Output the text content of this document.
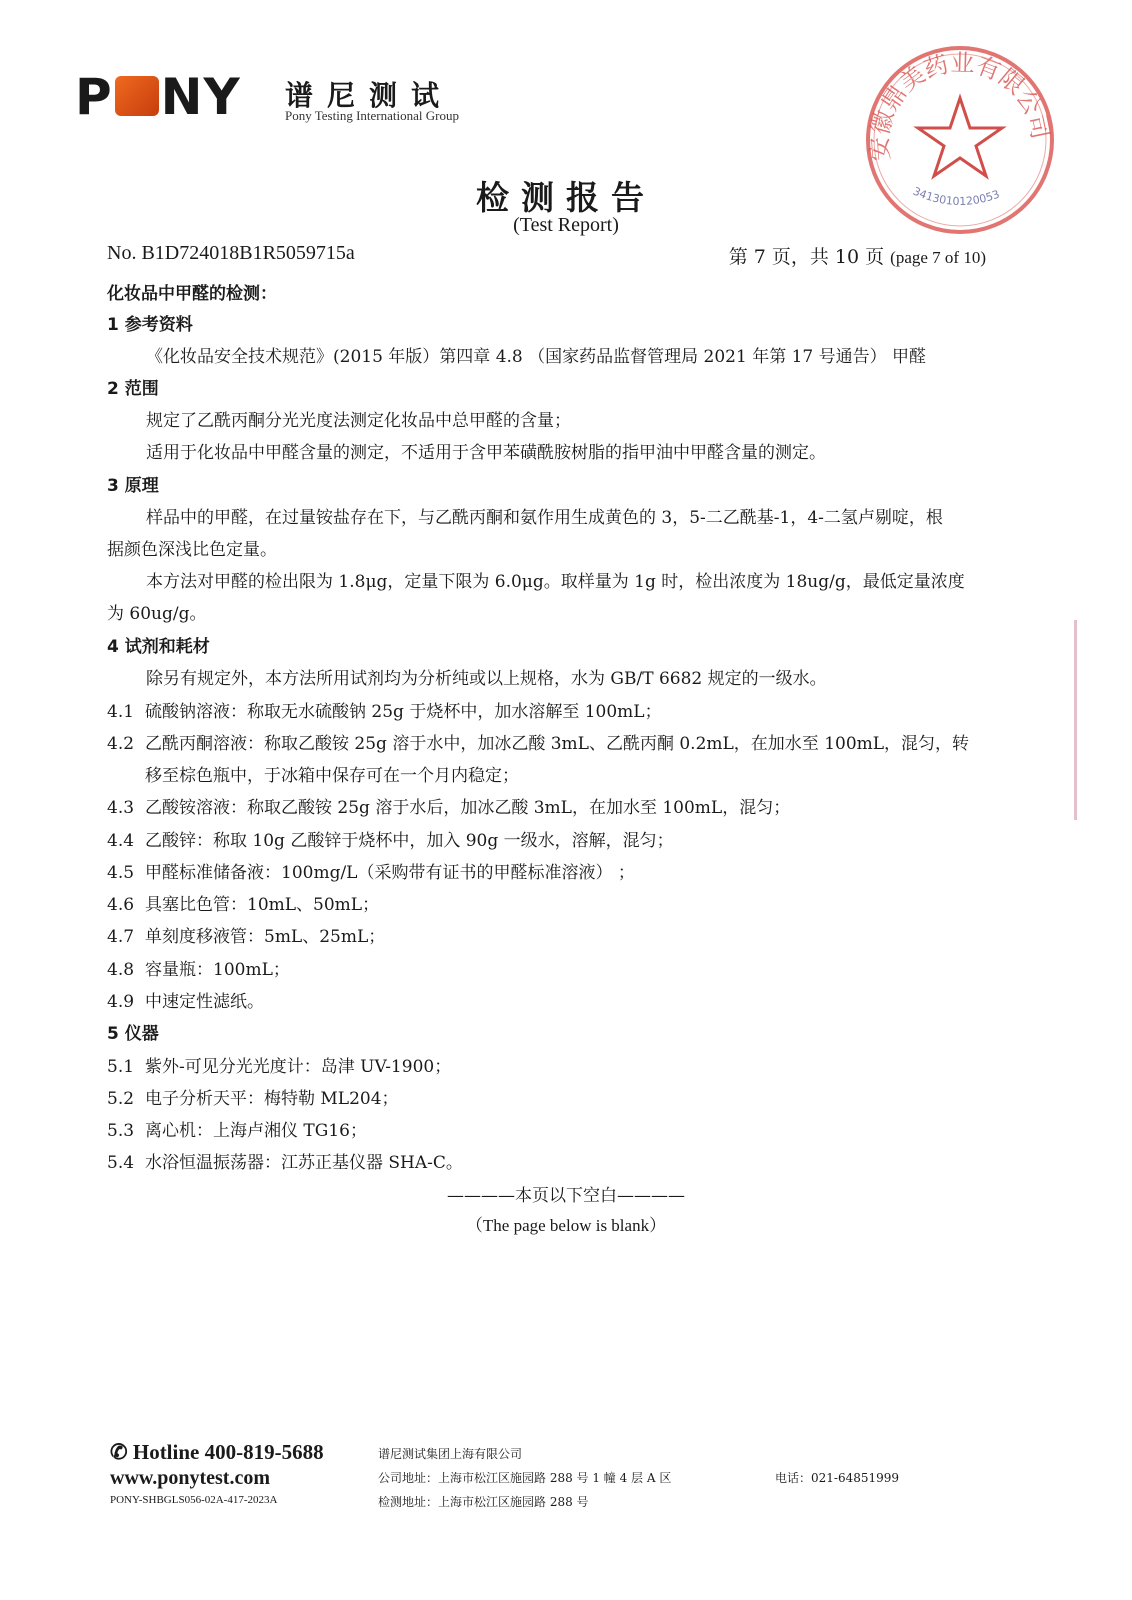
P NY 谱尼测试
Pony Testing International Group
安徽鼎美药业有限公司
3413010120053
检测报告
(Test Report)
No. B1D724018B1R5059715a	第 7 页，共 10 页 (page 7 of 10)
化妆品中甲醛的检测：
1 参考资料
《化妆品安全技术规范》(2015 年版）第四章 4.8 （国家药品监督管理局 2021 年第 17 号通告） 甲醛
2 范围
规定了乙酰丙酮分光光度法测定化妆品中总甲醛的含量；
适用于化妆品中甲醛含量的测定，不适用于含甲苯磺酰胺树脂的指甲油中甲醛含量的测定。
3 原理
样品中的甲醛，在过量铵盐存在下，与乙酰丙酮和氨作用生成黄色的 3，5-二乙酰基-1，4-二氢卢剔啶，根
据颜色深浅比色定量。
本方法对甲醛的检出限为 1.8μg，定量下限为 6.0μg。取样量为 1g 时，检出浓度为 18ug/g，最低定量浓度
为 60ug/g。
4 试剂和耗材
除另有规定外，本方法所用试剂均为分析纯或以上规格，水为 GB/T 6682 规定的一级水。
4.1 硫酸钠溶液：称取无水硫酸钠 25g 于烧杯中，加水溶解至 100mL；
4.2 乙酰丙酮溶液：称取乙酸铵 25g 溶于水中，加冰乙酸 3mL、乙酰丙酮 0.2mL，在加水至 100mL，混匀，转
移至棕色瓶中，于冰箱中保存可在一个月内稳定；
4.3 乙酸铵溶液：称取乙酸铵 25g 溶于水后，加冰乙酸 3mL，在加水至 100mL，混匀；
4.4 乙酸锌：称取 10g 乙酸锌于烧杯中，加入 90g 一级水，溶解，混匀；
4.5 甲醛标准储备液：100mg/L（采购带有证书的甲醛标准溶液） ；
4.6 具塞比色管：10mL、50mL；
4.7 单刻度移液管：5mL、25mL；
4.8 容量瓶：100mL；
4.9 中速定性滤纸。
5 仪器
5.1 紫外-可见分光光度计：岛津 UV-1900；
5.2 电子分析天平：梅特勒 ML204；
5.3 离心机：上海卢湘仪 TG16；
5.4 水浴恒温振荡器：江苏正基仪器 SHA-C。
————本页以下空白————
（The page below is blank）
✆ Hotline 400-819-5688
www.ponytest.com
PONY-SHBGLS056-02A-417-2023A
谱尼测试集团上海有限公司
公司地址：上海市松江区施园路 288 号 1 幢 4 层 A 区
检测地址：上海市松江区施园路 288 号
电话：021-64851999
